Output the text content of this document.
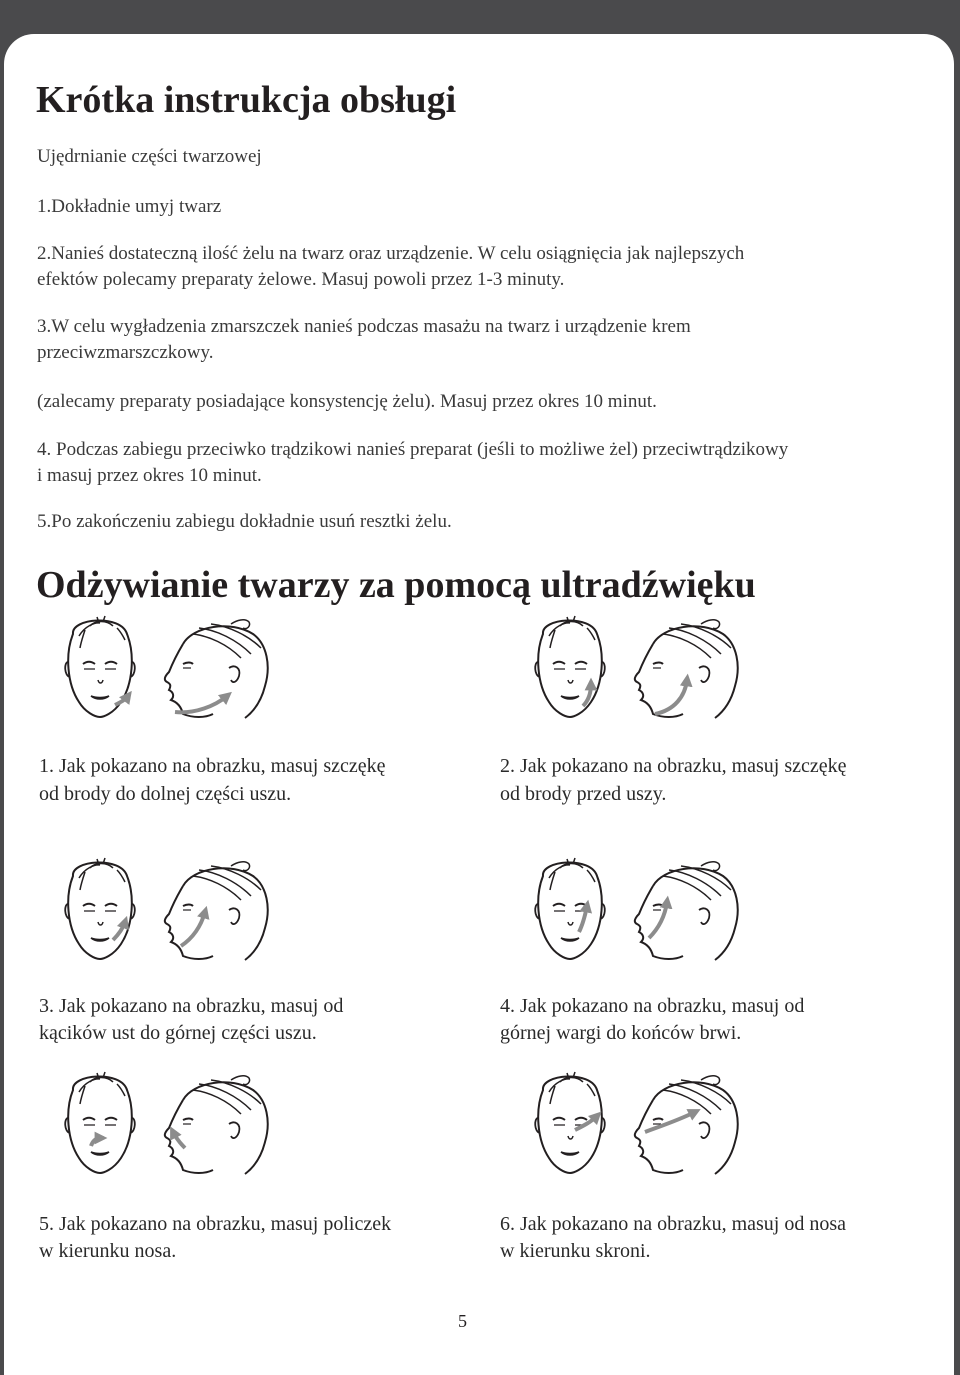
Krótka instrukcja obsługi

Ujędrnianie części twarzowej

1.Dokładnie umyj twarz

2.Nanieś dostateczną ilość żelu na twarz oraz urządzenie. W celu osiągnięcia jak najlepszych

efektów polecamy preparaty żelowe. Masuj powoli przez 1-3 minuty.

3.W celu wygładzenia zmarszczek nanieś podczas masażu na twarz i urządzenie krem

przeciwzmarszczkowy.

(zalecamy preparaty posiadające konsystencję żelu). Masuj przez okres 10 minut.

4. Podczas zabiegu przeciwko trądzikowi nanieś preparat (jeśli to możliwe żel) przeciwtrądzikowy

i masuj przez okres 10 minut.

5.Po zakończeniu zabiegu dokładnie usuń resztki żelu.

Odżywianie twarzy za pomocą ultradźwięku

1. Jak pokazano na obrazku, masuj szczękę

od brody do dolnej części uszu.

2. Jak pokazano na obrazku, masuj szczękę

od brody przed uszy.

3. Jak pokazano na obrazku, masuj od

kącików ust do górnej części uszu.

4. Jak pokazano na obrazku, masuj od

górnej wargi do końców brwi.

5. Jak pokazano na obrazku, masuj policzek

w kierunku nosa.

6. Jak pokazano na obrazku, masuj od nosa

w kierunku skroni.

5
